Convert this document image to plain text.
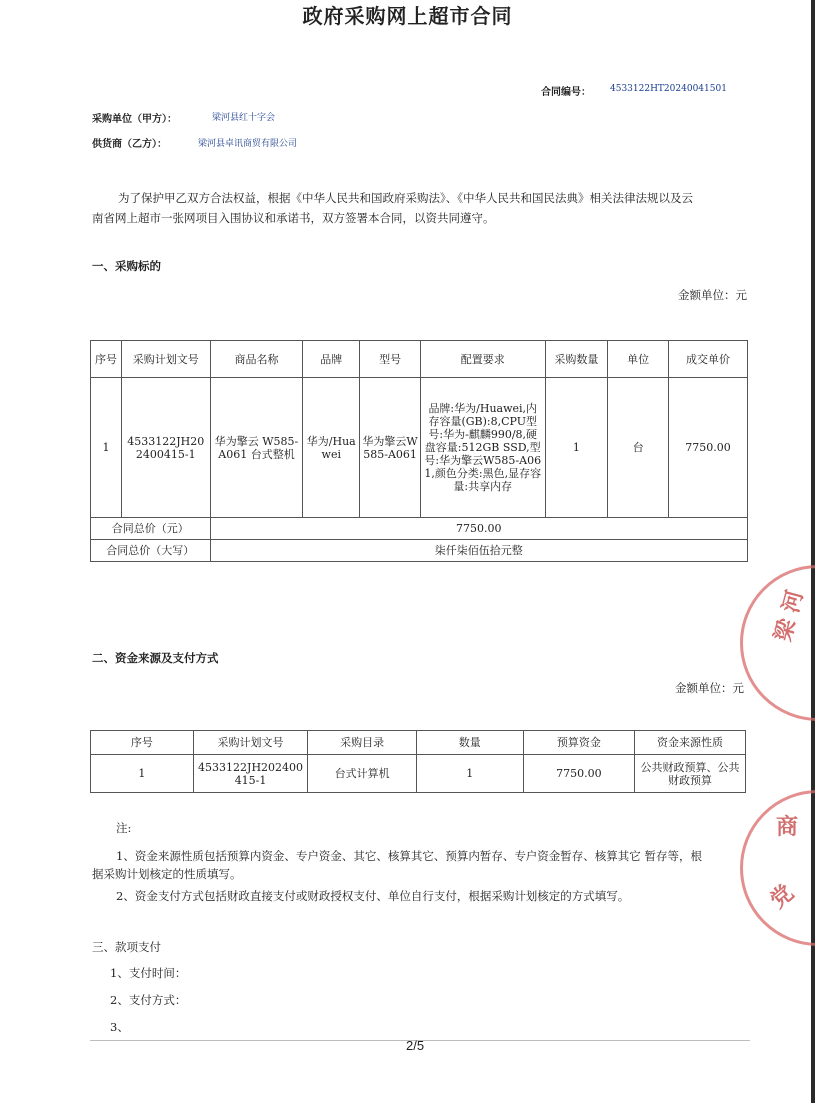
政府采购网上超市合同
合同编号： 4533122HT20240041501
采购单位（甲方）：	梁河县红十字会
供货商（乙方）：	梁河县卓讯商贸有限公司
为了保护甲乙双方合法权益，根据《中华人民共和国政府采购法》、《中华人民共和国民法典》相关法律法规以及云
南省网上超市一张网项目入围协议和承诺书，双方签署本合同，以资共同遵守。
一、采购标的
金额单位：元
序号	采购计划文号	商品名称	品牌	型号	配置要求	采购数量	单位	成交单价
1	4533122JH202400415-1	华为擎云 W585-A061 台式整机	华为/Huawei	华为擎云W585-A061	品牌:华为/Huawei,内存容量(GB):8,CPU型号:华为-麒麟990/8,硬盘容量:512GB SSD,型号:华为擎云W585-A061,颜色分类:黑色,显存容量:共享内存	1	台	7750.00
合同总价（元）		7750.00						
合同总价（大写）		柒仟柒佰伍拾元整						
二、资金来源及支付方式
金额单位：元
序号	采购计划文号	采购目录	数量	预算资金	资金来源性质
1	4533122JH202400415-1	台式计算机	1	7750.00	公共财政预算、公共财政预算
注:
1、资金来源性质包括预算内资金、专户资金、其它、核算其它、预算内暂存、专户资金暂存、核算其它 暂存等，根
据采购计划核定的性质填写。
2、资金支付方式包括财政直接支付或财政授权支付、单位自行支付，根据采购计划核定的方式填写。
三、款项支付
1、支付时间：
2、支付方式：
3、
2/5
梁 河
商
党
